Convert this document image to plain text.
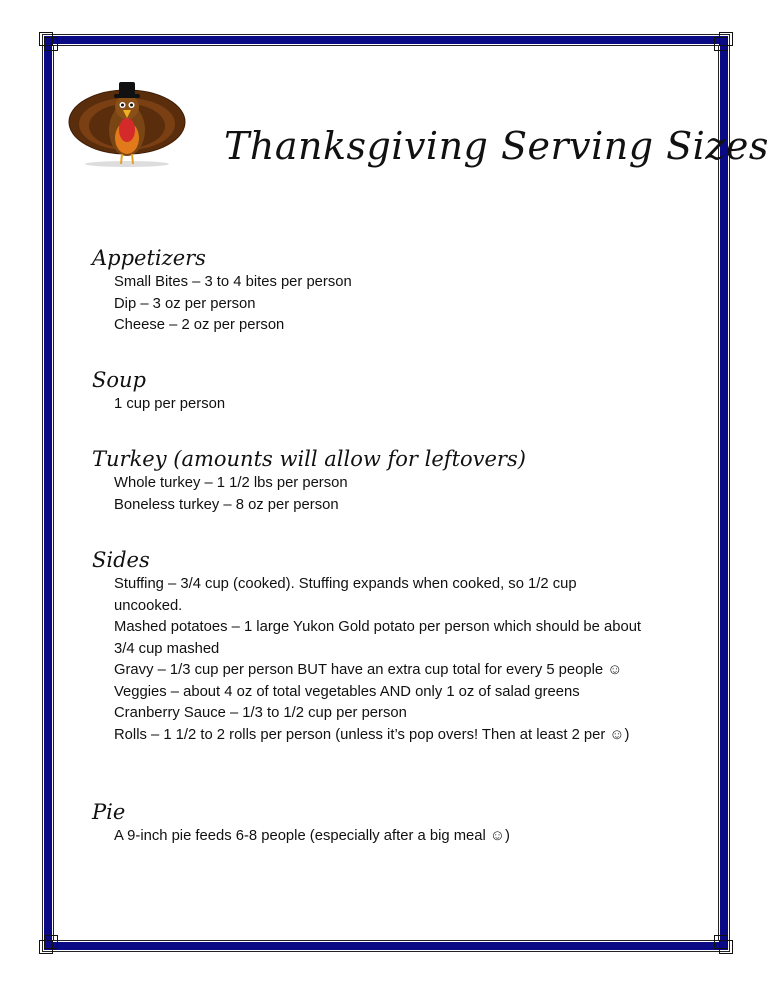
Thanksgiving Serving Sizes

Appetizers

Small Bites – 3 to 4 bites per person
Dip – 3 oz per person
Cheese – 2 oz per person

Soup

1 cup per person

Turkey (amounts will allow for leftovers)

Whole turkey – 1 1/2 lbs per person
Boneless turkey – 8 oz per person

Sides

Stuffing – 3/4 cup (cooked). Stuffing expands when cooked, so 1/2 cup
uncooked.
Mashed potatoes – 1 large Yukon Gold potato per person which should be about
3/4 cup mashed
Gravy – 1/3 cup per person BUT have an extra cup total for every 5 people ☺
Veggies – about 4 oz of total vegetables AND only 1 oz of salad greens
Cranberry Sauce – 1/3 to 1/2 cup per person
Rolls – 1 1/2 to 2 rolls per person (unless it’s pop overs! Then at least 2 per ☺)

Pie

A 9-inch pie feeds 6-8 people (especially after a big meal ☺)
